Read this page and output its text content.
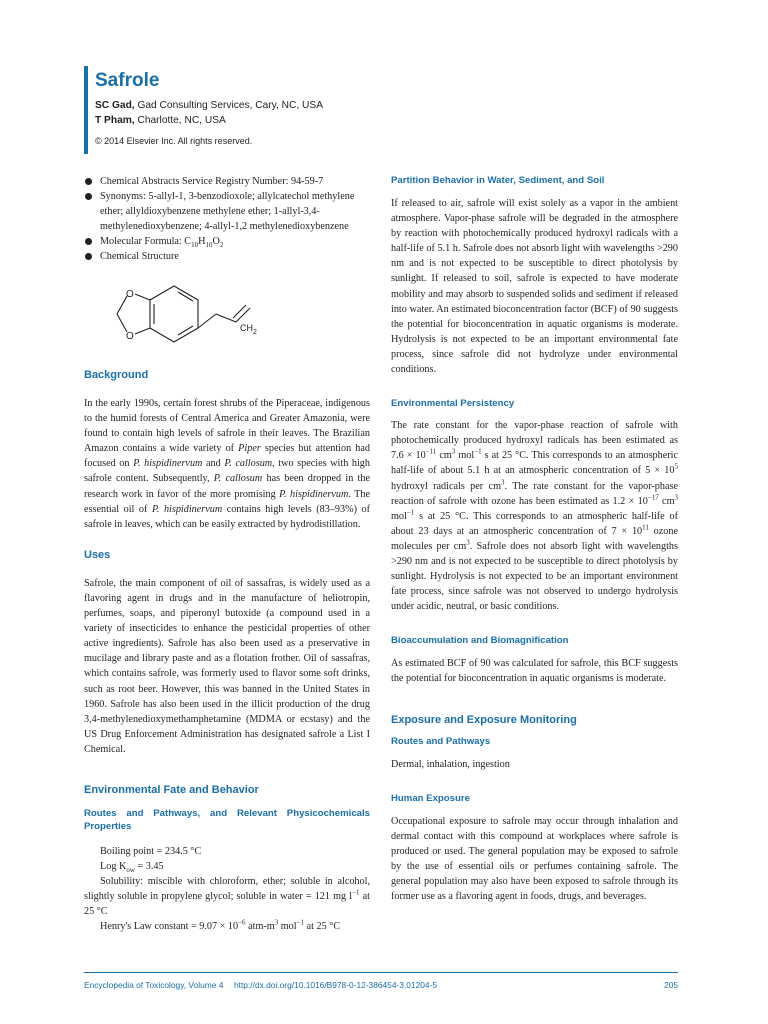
Safrole
SC Gad, Gad Consulting Services, Cary, NC, USA
T Pham, Charlotte, NC, USA
© 2014 Elsevier Inc. All rights reserved.
Chemical Abstracts Service Registry Number: 94-59-7
Synonyms: 5-allyl-1, 3-benzodioxole; allylcatechol methylene ether; allyldioxybenzene methylene ether; 1-allyl-3,4-methylenedioxybenzene; 4-allyl-1,2 methylenedioxybenzene
Molecular Formula: $C_{10}H_{10}O_2$
Chemical Structure
O
O
$CH_2$
Background

In the early 1990s, certain forest shrubs of the Piperaceae, indigenous to the humid forests of Central America and Greater Amazonia, were found to contain high levels of safrole in their leaves. The Brazilian Amazon contains a wide variety of Piper species but attention had focused on P. hispidinervum and P. callosum, two species with high safrole content. Subsequently, P. callosum has been dropped in the research work in favor of the more promising P. hispidinervum. The essential oil of P. hispidinervum contains high levels (83–93%) of safrole in leaves, which can be easily extracted by hydrodistillation.

Uses

Safrole, the main component of oil of sassafras, is widely used as a flavoring agent in drugs and in the manufacture of heliotropin, perfumes, soaps, and piperonyl butoxide (a compound used in a variety of insecticides to enhance the pesticidal properties of other active ingredients). Safrole has also been used as a preservative in mucilage and library paste and as a flotation frother. Oil of sassafras, which contains safrole, was formerly used to flavor some soft drinks, such as root beer. However, this was banned in the United States in 1960. Safrole has also been used in the illicit production of the drug 3,4-methylenedioxymethamphetamine (MDMA or ecstasy) and the US Drug Enforcement Administration has designated safrole a List I Chemical.

Environmental Fate and Behavior
Routes and Pathways, and Relevant Physicochemicals Properties

Boiling point = 234.5 °C

Log $K_{ow} = 3.45$

Solubility: miscible with chloroform, ether; soluble in alcohol, slightly soluble in propylene glycol; soluble in water = 121 mg $l^{-1}$ at 25 °C

Henry's Law constant = $9.07 \times 10^{-6}$ atm-$m^3$ mol$^{-1}$ at 25 °C

Partition Behavior in Water, Sediment, and Soil

If released to air, safrole will exist solely as a vapor in the ambient atmosphere. Vapor-phase safrole will be degraded in the atmosphere by reaction with photochemically produced hydroxyl radicals with a half-life of 5.1 h. Safrole does not absorb light with wavelengths >290 nm and is not expected to be susceptible to direct photolysis by sunlight. If released to soil, safrole is expected to have moderate mobility and may absorb to suspended solids and sediment if released into water. An estimated bioconcentration factor (BCF) of 90 suggests the potential for bioconcentration in aquatic organisms is moderate. Hydrolysis is not expected to be an important environmental fate process, since safrole did not hydrolyze under environmental conditions.

Environmental Persistency

The rate constant for the vapor-phase reaction of safrole with photochemically produced hydroxyl radicals has been estimated as $7.6 \times 10^{-11}$ $cm^3$ mol$^{-1}$ s at 25 °C. This corresponds to an atmospheric half-life of about 5.1 h at an atmospheric concentration of $5 \times 10^5$ hydroxyl radicals per $cm^3$. The rate constant for the vapor-phase reaction of safrole with ozone has been estimated as $1.2 \times 10^{-17}$ $cm^3$ mol$^{-1}$ s at 25 °C. This corresponds to an atmospheric half-life of about 23 days at an atmospheric concentration of $7 \times 10^{11}$ ozone molecules per $cm^3$. Safrole does not absorb light with wavelengths >290 nm and is not expected to be susceptible to direct photolysis by sunlight. Hydrolysis is not expected to be an important environment fate process, since safrole was not observed to undergo hydrolysis under acidic, neutral, or basic conditions.

Bioaccumulation and Biomagnification

As estimated BCF of 90 was calculated for safrole, this BCF suggests the potential for bioconcentration in aquatic organisms is moderate.

Exposure and Exposure Monitoring
Routes and Pathways

Dermal, inhalation, ingestion

Human Exposure

Occupational exposure to safrole may occur through inhalation and dermal contact with this compound at workplaces where safrole is produced or used. The general population may be exposed to safrole by the use of essential oils or perfumes containing safrole. The general population may also have been exposed to safrole through its former use as a flavoring agent in foods, drugs, and beverages.

Encyclopedia of Toxicology, Volume 4 http://dx.doi.org/10.1016/B978-0-12-386454-3.01204-5	205
